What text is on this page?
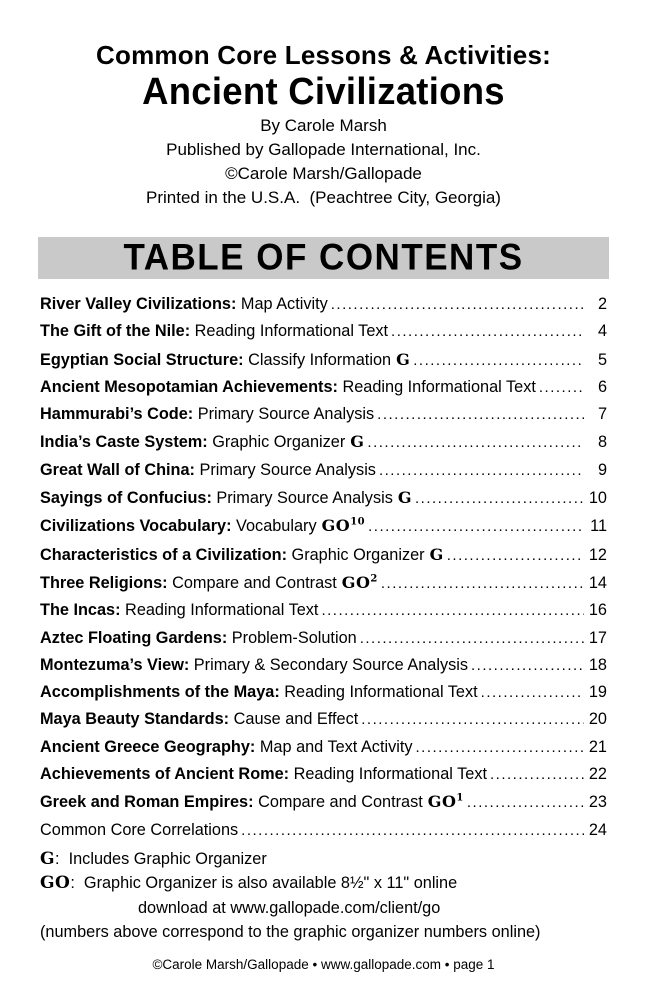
Common Core Lessons & Activities:
Ancient Civilizations
By Carole Marsh
Published by Gallopade International, Inc.
©Carole Marsh/Gallopade
Printed in the U.S.A.  (Peachtree City, Georgia)
TABLE OF CONTENTS
River Valley Civilizations: Map Activity .....	2
The Gift of the Nile: Reading Informational Text .....	4
Egyptian Social Structure: Classify Information G .....	5
Ancient Mesopotamian Achievements: Reading Informational Text .....	6
Hammurabi’s Code: Primary Source Analysis .....	7
India’s Caste System: Graphic Organizer G .....	8
Great Wall of China: Primary Source Analysis .....	9
Sayings of Confucius: Primary Source Analysis G .....	10
Civilizations Vocabulary: Vocabulary GO$^{10}$ .....	11
Characteristics of a Civilization: Graphic Organizer G .....	12
Three Religions: Compare and Contrast $GO^2$ .....	14
The Incas: Reading Informational Text .....	16
Aztec Floating Gardens: Problem-Solution .....	17
Montezuma’s View: Primary & Secondary Source Analysis .....	18
Accomplishments of the Maya: Reading Informational Text .....	19
Maya Beauty Standards: Cause and Effect .....	20
Ancient Greece Geography: Map and Text Activity .....	21
Achievements of Ancient Rome: Reading Informational Text .....	22
Greek and Roman Empires: Compare and Contrast $GO^1$ .....	23
Common Core Correlations .....	24
G:  Includes Graphic Organizer
GO:  Graphic Organizer is also available 8½" x 11" online
download at www.gallopade.com/client/go
(numbers above correspond to the graphic organizer numbers online)
©Carole Marsh/Gallopade • www.gallopade.com • page 1
